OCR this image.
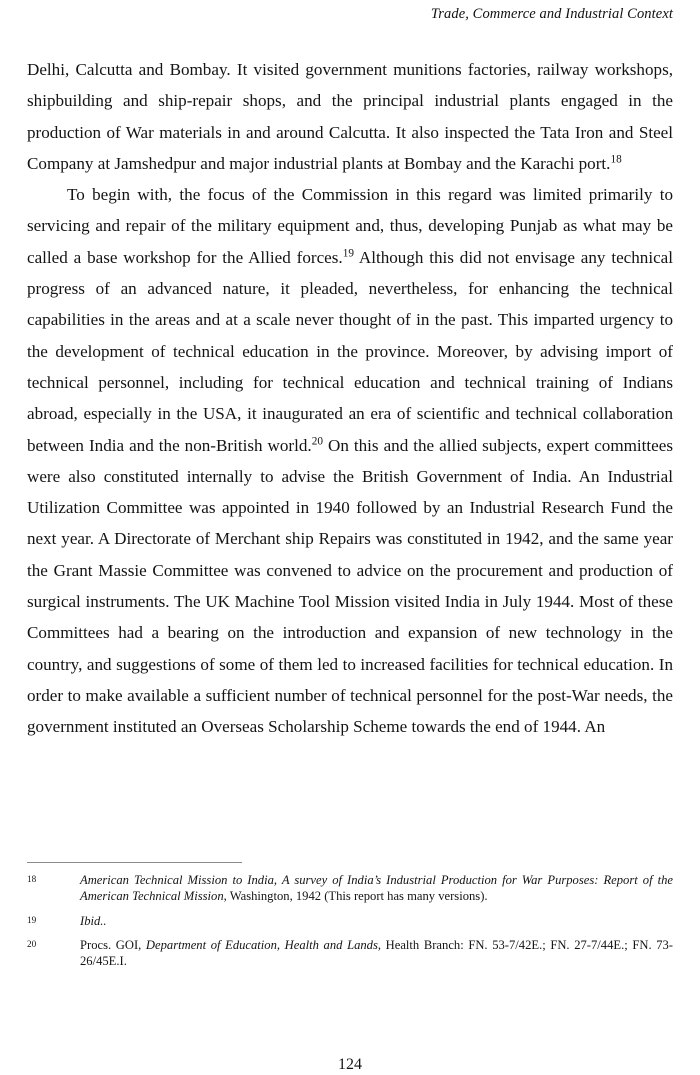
Trade, Commerce and Industrial Context

Delhi, Calcutta and Bombay. It visited government munitions factories, railway workshops, shipbuilding and ship-repair shops, and the principal industrial plants engaged in the production of War materials in and around Calcutta. It also inspected the Tata Iron and Steel Company at Jamshedpur and major industrial plants at Bombay and the Karachi port.$^{18}$

To begin with, the focus of the Commission in this regard was limited primarily to servicing and repair of the military equipment and, thus, developing Punjab as what may be called a base workshop for the Allied forces.$^{19}$ Although this did not envisage any technical progress of an advanced nature, it pleaded, nevertheless, for enhancing the technical capabilities in the areas and at a scale never thought of in the past. This imparted urgency to the development of technical education in the province. Moreover, by advising import of technical personnel, including for technical education and technical training of Indians abroad, especially in the USA, it inaugurated an era of scientific and technical collaboration between India and the non-British world.$^{20}$ On this and the allied subjects, expert committees were also constituted internally to advise the British Government of India. An Industrial Utilization Committee was appointed in 1940 followed by an Industrial Research Fund the next year. A Directorate of Merchant ship Repairs was constituted in 1942, and the same year the Grant Massie Committee was convened to advice on the procurement and production of surgical instruments. The UK Machine Tool Mission visited India in July 1944. Most of these Committees had a bearing on the introduction and expansion of new technology in the country, and suggestions of some of them led to increased facilities for technical education. In order to make available a sufficient number of technical personnel for the post-War needs, the government instituted an Overseas Scholarship Scheme towards the end of 1944. An

18	American Technical Mission to India, A survey of India’s Industrial Production for War Purposes: Report of the American Technical Mission, Washington, 1942 (This report has many versions).
19	Ibid..
20	Procs. GOI, Department of Education, Health and Lands, Health Branch: FN. 53-7/42E.; FN. 27-7/44E.; FN. 73-26/45E.I.
124
